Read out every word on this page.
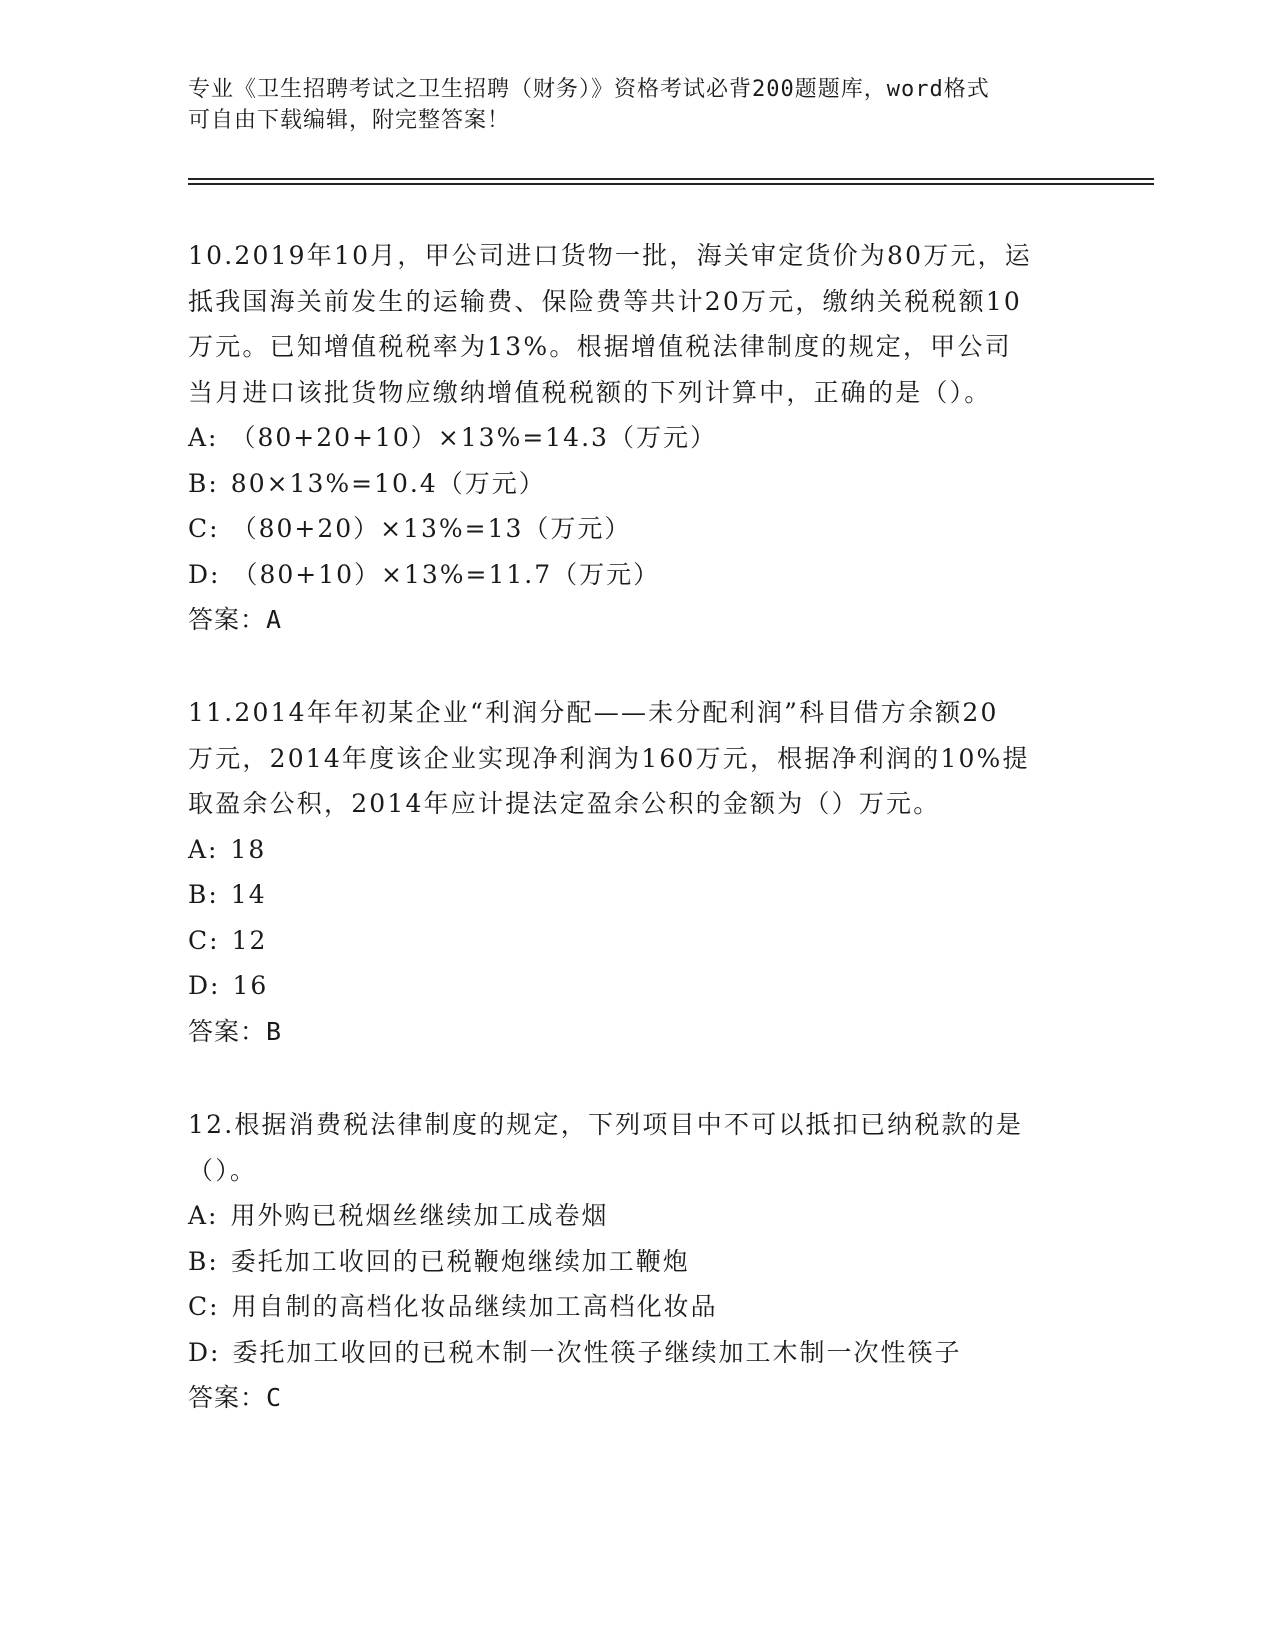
专业《卫生招聘考试之卫生招聘（财务）》资格考试必背200题题库，word格式
可自由下载编辑，附完整答案！

10.2019年10月，甲公司进口货物一批，海关审定货价为80万元，运
抵我国海关前发生的运输费、保险费等共计20万元，缴纳关税税额10
万元。已知增值税税率为13%。根据增值税法律制度的规定，甲公司
当月进口该批货物应缴纳增值税税额的下列计算中，正确的是（）。

A: （80+20+10）×13%=14.3（万元）
B: 80×13%=10.4（万元）
C: （80+20）×13%=13（万元）
D: （80+10）×13%=11.7（万元）
答案：A

11.2014年年初某企业“利润分配——未分配利润”科目借方余额20
万元，2014年度该企业实现净利润为160万元，根据净利润的10%提
取盈余公积，2014年应计提法定盈余公积的金额为（）万元。

A: 18
B: 14
C: 12
D: 16
答案：B

12.根据消费税法律制度的规定，下列项目中不可以抵扣已纳税款的是
（）。

A: 用外购已税烟丝继续加工成卷烟
B: 委托加工收回的已税鞭炮继续加工鞭炮
C: 用自制的高档化妆品继续加工高档化妆品
D: 委托加工收回的已税木制一次性筷子继续加工木制一次性筷子
答案：C
